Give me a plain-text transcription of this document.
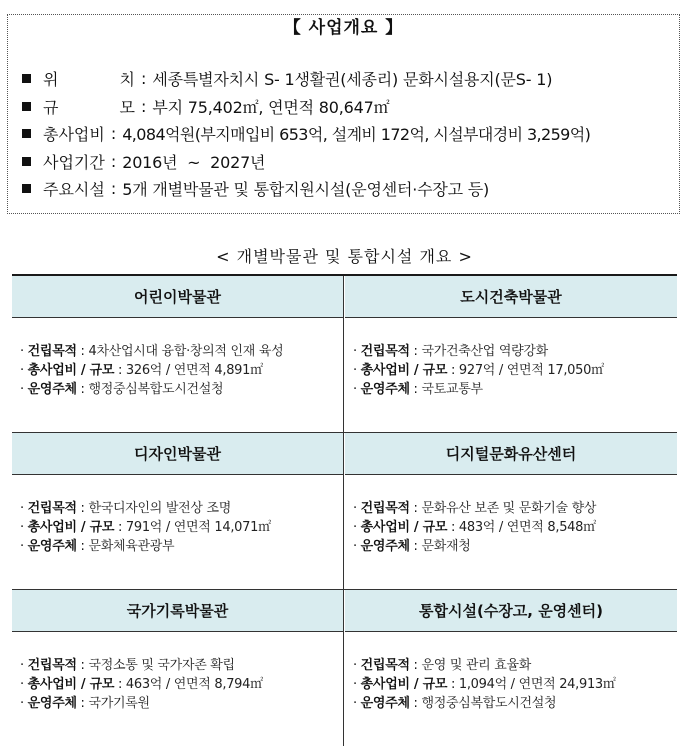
【 사업개요 】
위	치 : 세종특별자치시 S- 1생활권(세종리) 문화시설용지(문S- 1)
규	모 : 부지 75,402㎡, 연면적 80,647㎡
총사업비 : 4,084억원(부지매입비 653억, 설계비 172억, 시설부대경비 3,259억)
사업기간 : 2016년  ~  2027년
주요시설 : 5개 개별박물관 및 통합지원시설(운영센터·수장고 등)
< 개별박물관 및 통합시설 개요 >
어린이박물관
· 건립목적 : 4차산업시대 융합·창의적 인재 육성
· 총사업비 / 규모 : 326억 / 연면적 4,891㎡
· 운영주체 : 행정중심복합도시건설청
도시건축박물관
· 건립목적 : 국가건축산업 역량강화
· 총사업비 / 규모 : 927억 / 연면적 17,050㎡
· 운영주체 : 국토교통부
디자인박물관
· 건립목적 : 한국디자인의 발전상 조명
· 총사업비 / 규모 : 791억 / 연면적 14,071㎡
· 운영주체 : 문화체육관광부
디지털문화유산센터
· 건립목적 : 문화유산 보존 및 문화기술 향상
· 총사업비 / 규모 : 483억 / 연면적 8,548㎡
· 운영주체 : 문화재청
국가기록박물관
· 건립목적 : 국정소통 및 국가자존 확립
· 총사업비 / 규모 : 463억 / 연면적 8,794㎡
· 운영주체 : 국가기록원
통합시설(수장고, 운영센터)
· 건립목적 : 운영 및 관리 효율화
· 총사업비 / 규모 : 1,094억 / 연면적 24,913㎡
· 운영주체 : 행정중심복합도시건설청
